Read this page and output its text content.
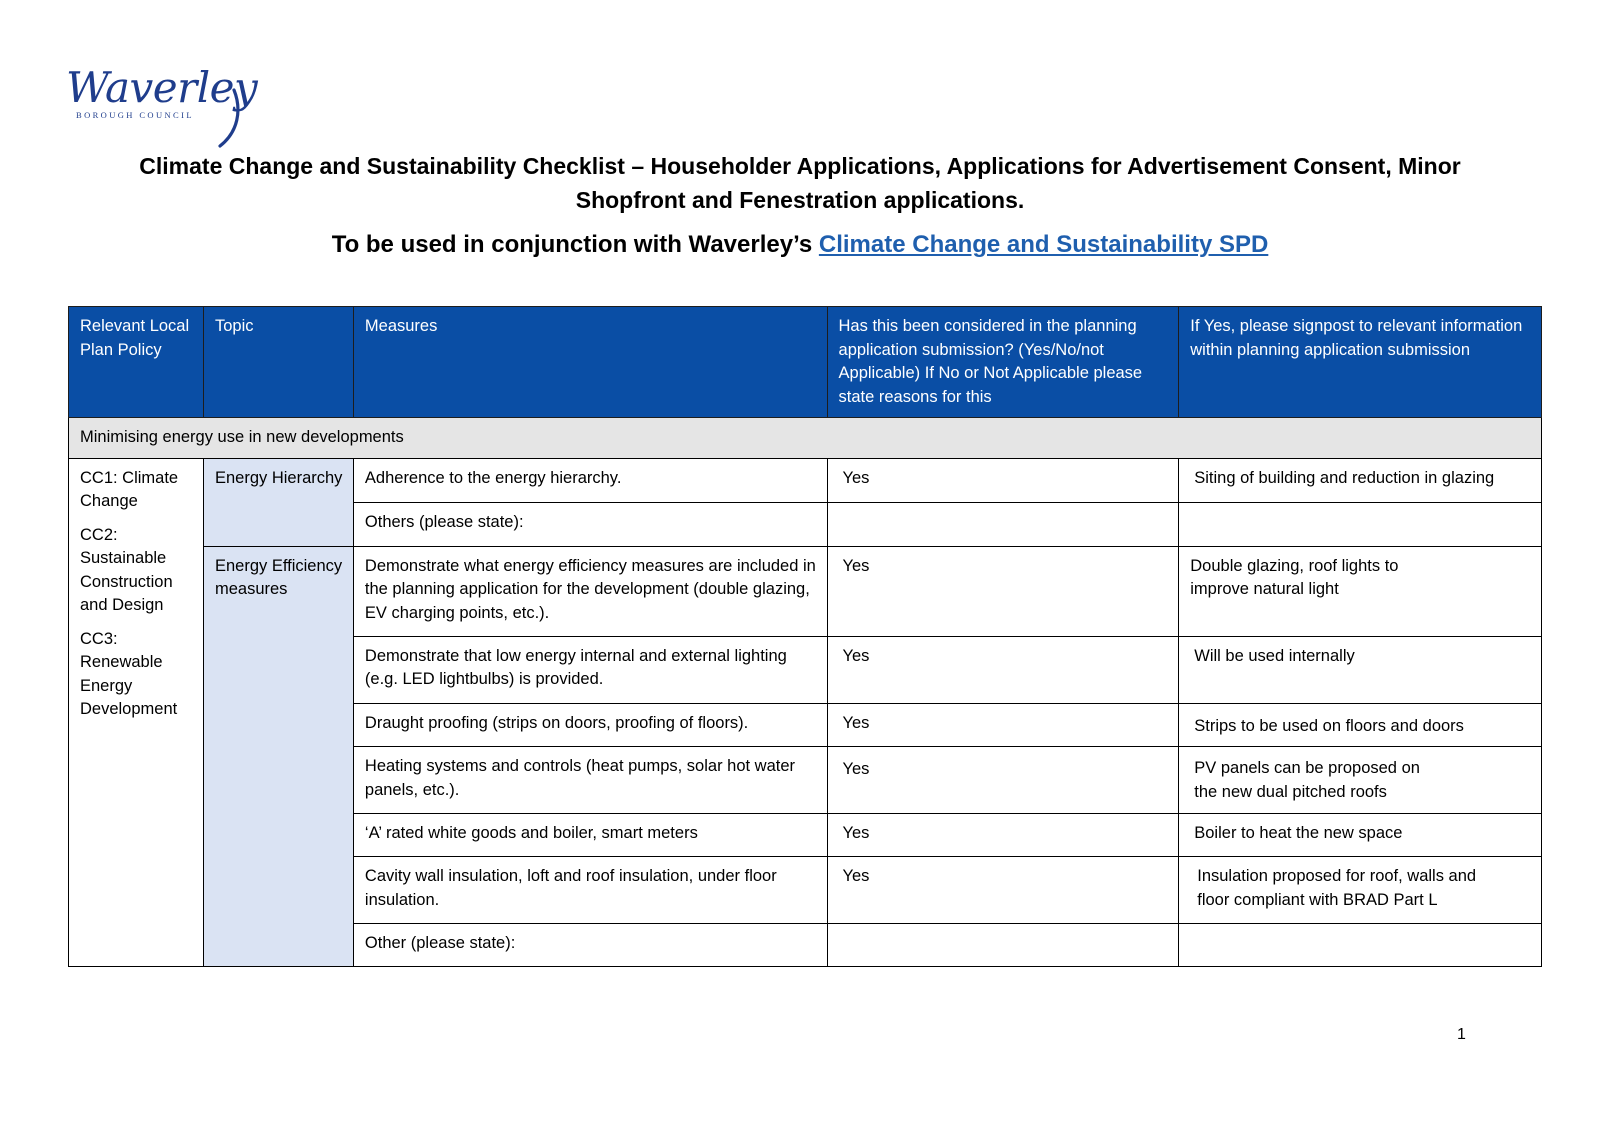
Waverley
BOROUGH COUNCIL
Climate Change and Sustainability Checklist – Householder Applications, Applications for Advertisement Consent, Minor
Shopfront and Fenestration applications.
To be used in conjunction with Waverley’s Climate Change and Sustainability SPD
Relevant Local Plan Policy	Topic	Measures	Has this been considered in the planning application submission? (Yes/No/not Applicable) If No or Not Applicable please state reasons for this	If Yes, please signpost to relevant information within planning application submission
Minimising energy use in new developments				

CC1: Climate Change
CC2: Sustainable Construction and Design
CC3: Renewable Energy Development	Energy Hierarchy	Adherence to the energy hierarchy.	Yes	Siting of building and reduction in glazing
		Others (please state):		
	Energy Efficiency measures	Demonstrate what energy efficiency measures are included in the planning application for the development (double glazing, EV charging points, etc.).	Yes	Double glazing, roof lights to
improve natural light

		Demonstrate that low energy internal and external lighting (e.g. LED lightbulbs) is provided.	Yes	Will be used internally
		Draught proofing (strips on doors, proofing of floors).	Yes	Strips to be used on floors and doors
		Heating systems and controls (heat pumps, solar hot water panels, etc.).	Yes	PV panels can be proposed on
the new dual pitched roofs

		‘A’ rated white goods and boiler, smart meters	Yes	Boiler to heat the new space
		Cavity wall insulation, loft and roof insulation, under floor insulation.	Yes	Insulation proposed for roof, walls and
floor compliant with BRAD Part L

		Other (please state):		
1
